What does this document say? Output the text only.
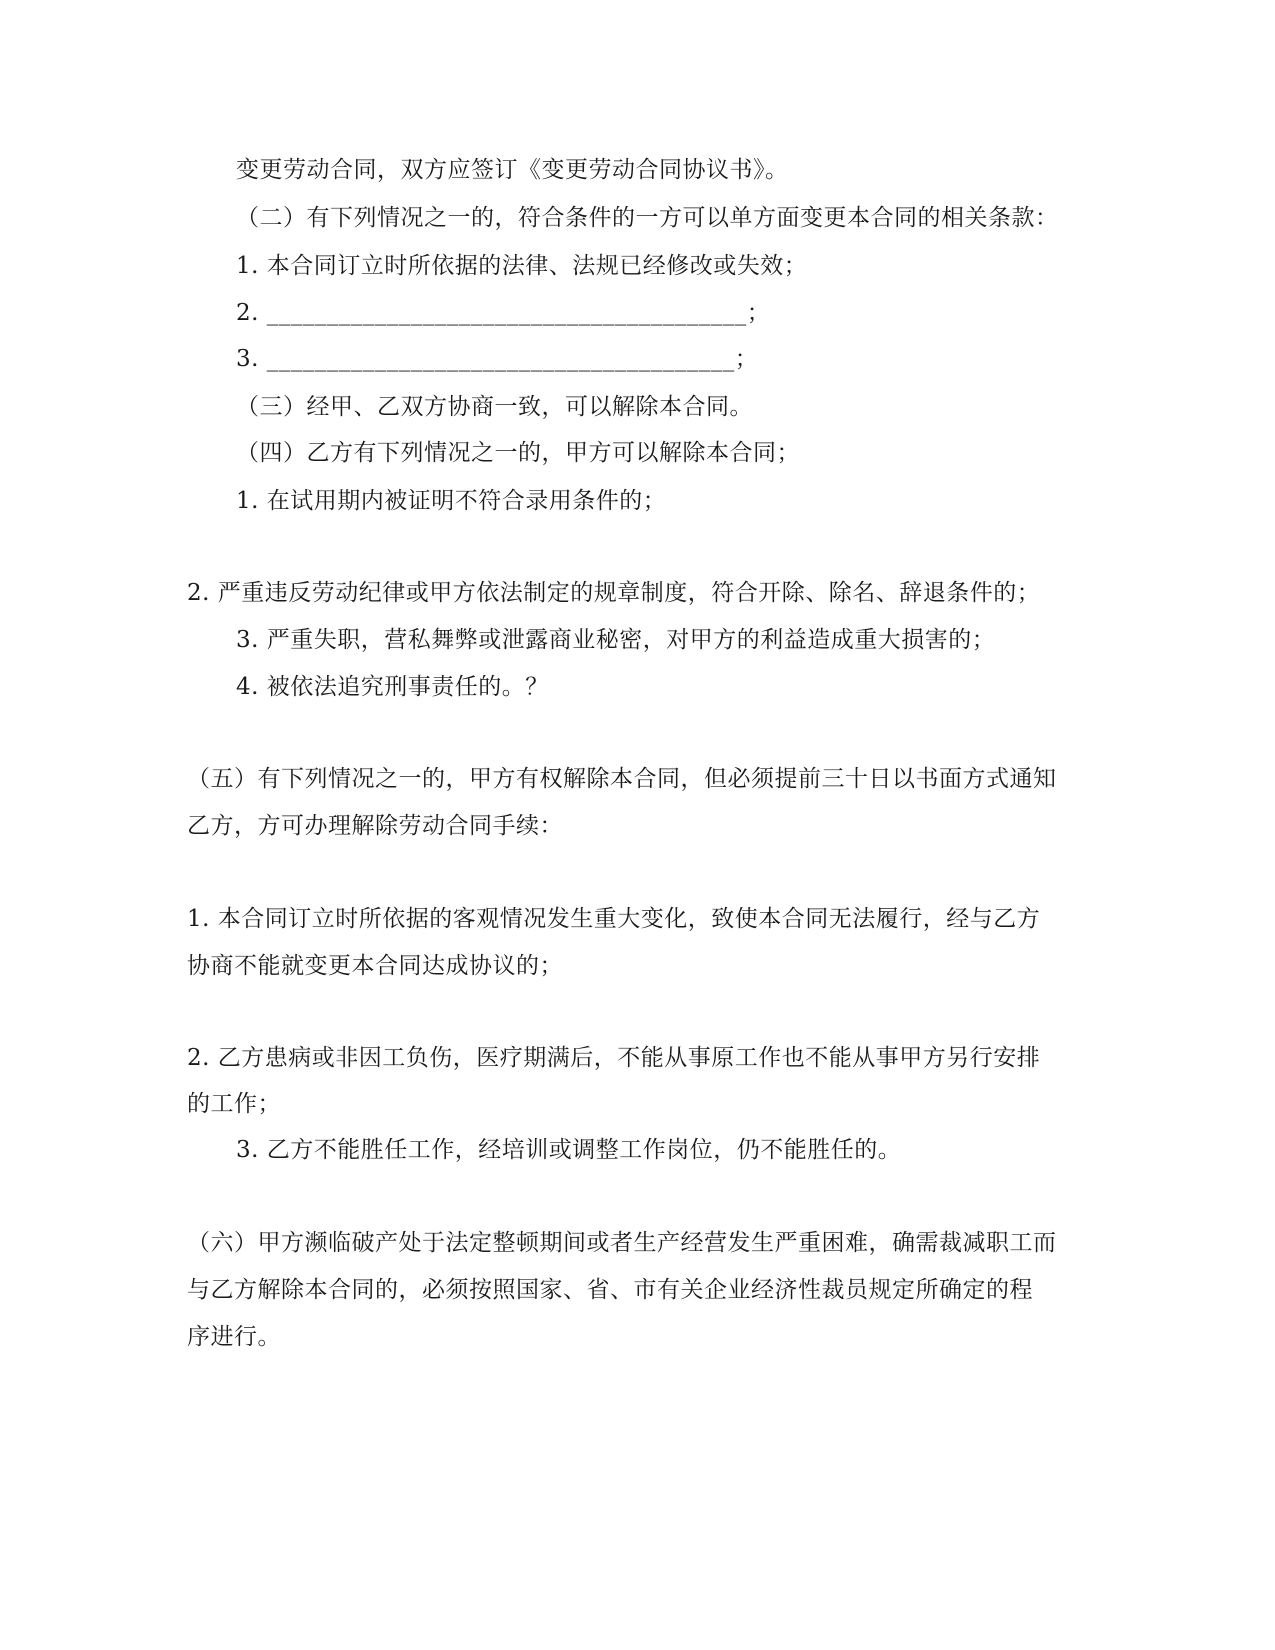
变更劳动合同，双方应签订《变更劳动合同协议书》。
（二）有下列情况之一的，符合条件的一方可以单方面变更本合同的相关条款：
1. 本合同订立时所依据的法律、法规已经修改或失效；
2. ________________________________________；
3. _______________________________________；
（三）经甲、乙双方协商一致，可以解除本合同。
（四）乙方有下列情况之一的，甲方可以解除本合同；
1. 在试用期内被证明不符合录用条件的；
2. 严重违反劳动纪律或甲方依法制定的规章制度，符合开除、除名、辞退条件的；
3. 严重失职，营私舞弊或泄露商业秘密，对甲方的利益造成重大损害的；
4. 被依法追究刑事责任的。？
（五）有下列情况之一的，甲方有权解除本合同，但必须提前三十日以书面方式通知
乙方，方可办理解除劳动合同手续：
1. 本合同订立时所依据的客观情况发生重大变化，致使本合同无法履行，经与乙方
协商不能就变更本合同达成协议的；
2. 乙方患病或非因工负伤，医疗期满后，不能从事原工作也不能从事甲方另行安排
的工作；
3. 乙方不能胜任工作，经培训或调整工作岗位，仍不能胜任的。
（六）甲方濒临破产处于法定整顿期间或者生产经营发生严重困难，确需裁减职工而
与乙方解除本合同的，必须按照国家、省、市有关企业经济性裁员规定所确定的程
序进行。
